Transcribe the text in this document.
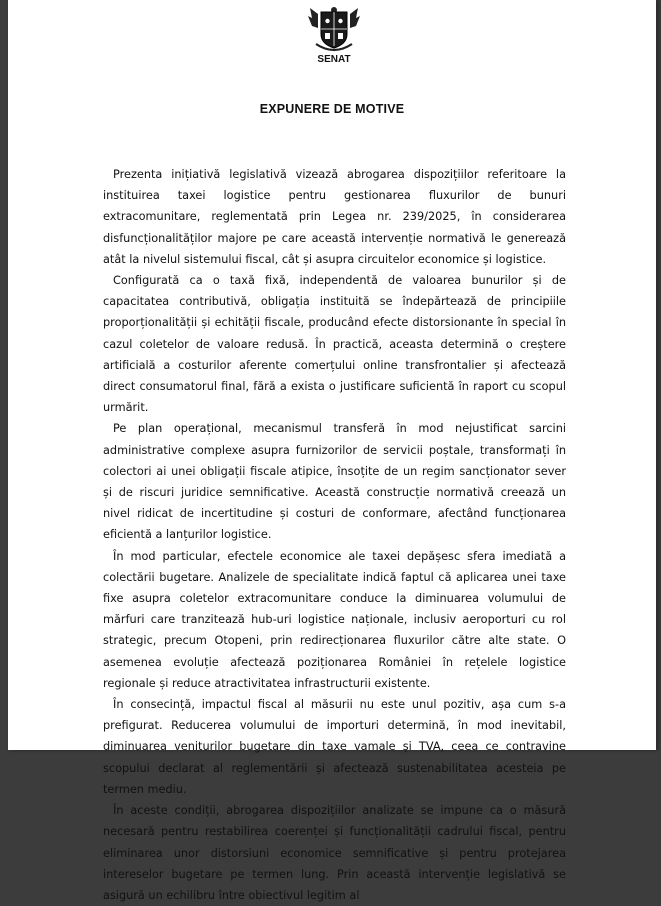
SENAT
EXPUNERE DE MOTIVE

Prezenta inițiativă legislativă vizează abrogarea dispozițiilor referitoare la instituirea taxei logistice pentru gestionarea fluxurilor de bunuri extracomunitare, reglementată prin Legea nr. 239/2025, în considerarea disfuncționalităților majore pe care această intervenție normativă le generează atât la nivelul sistemului fiscal, cât și asupra circuitelor economice și logistice.

Configurată ca o taxă fixă, independentă de valoarea bunurilor și de capacitatea contributivă, obligația instituită se îndepărtează de principiile proporționalității și echității fiscale, producând efecte distorsionante în special în cazul coletelor de valoare redusă. În practică, aceasta determină o creștere artificială a costurilor aferente comerțului online transfrontalier și afectează direct consumatorul final, fără a exista o justificare suficientă în raport cu scopul urmărit.

Pe plan operațional, mecanismul transferă în mod nejustificat sarcini administrative complexe asupra furnizorilor de servicii poștale, transformați în colectori ai unei obligații fiscale atipice, însoțite de un regim sancționator sever și de riscuri juridice semnificative. Această construcție normativă creează un nivel ridicat de incertitudine și costuri de conformare, afectând funcționarea eficientă a lanțurilor logistice.

În mod particular, efectele economice ale taxei depășesc sfera imediată a colectării bugetare. Analizele de specialitate indică faptul că aplicarea unei taxe fixe asupra coletelor extracomunitare conduce la diminuarea volumului de mărfuri care tranzitează hub-uri logistice naționale, inclusiv aeroporturi cu rol strategic, precum Otopeni, prin redirecționarea fluxurilor către alte state. O asemenea evoluție afectează poziționarea României în rețelele logistice regionale și reduce atractivitatea infrastructurii existente.

În consecință, impactul fiscal al măsurii nu este unul pozitiv, așa cum s-a prefigurat. Reducerea volumului de importuri determină, în mod inevitabil, diminuarea veniturilor bugetare din taxe vamale și TVA, ceea ce contravine scopului declarat al reglementării și afectează sustenabilitatea acesteia pe termen mediu.

În aceste condiții, abrogarea dispozițiilor analizate se impune ca o măsură necesară pentru restabilirea coerenței și funcționalității cadrului fiscal, pentru eliminarea unor distorsiuni economice semnificative și pentru protejarea intereselor bugetare pe termen lung. Prin această intervenție legislativă se asigură un echilibru între obiectivul legitim al
